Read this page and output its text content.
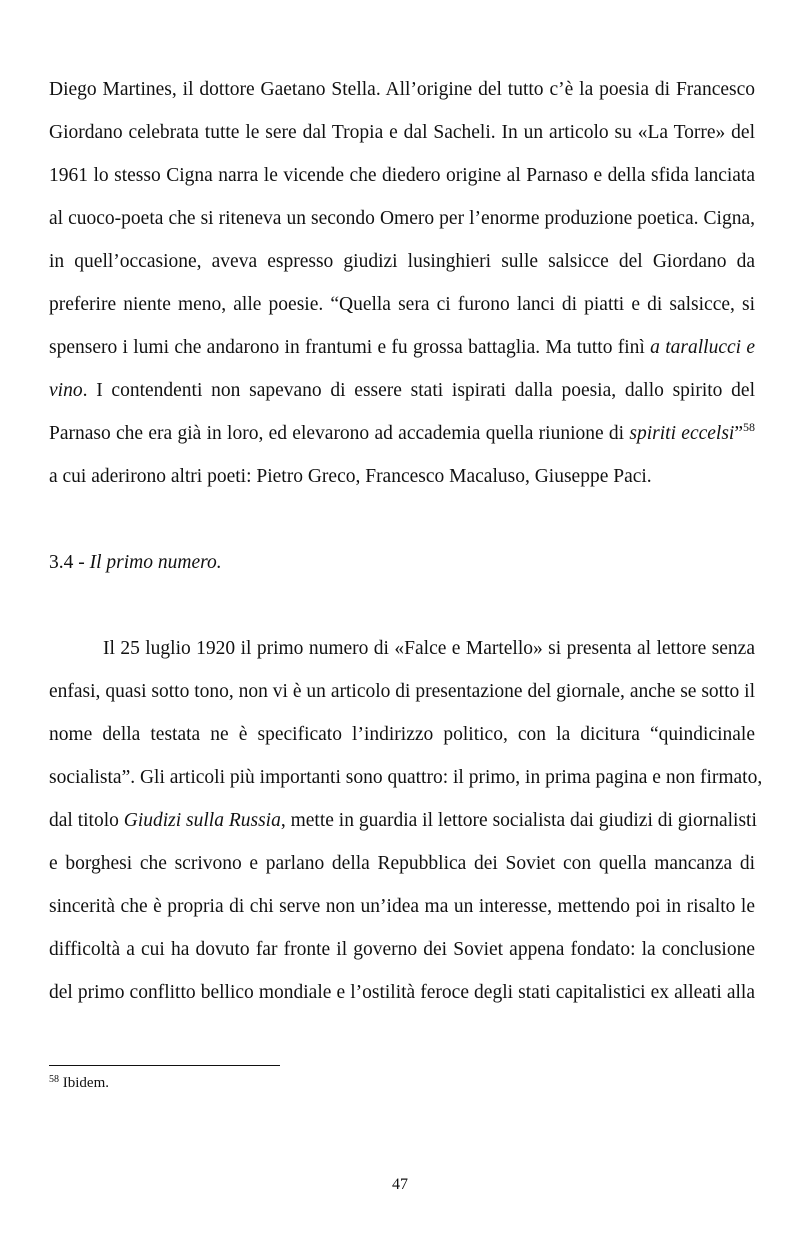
Diego Martines, il dottore Gaetano Stella. All’origine del tutto c’è la poesia di Francesco
Giordano celebrata tutte le sere dal Tropia e dal Sacheli. In un articolo su «La Torre» del
1961 lo stesso Cigna narra le vicende che diedero origine al Parnaso e della sfida lanciata
al cuoco-poeta che si riteneva un secondo Omero per l’enorme produzione poetica. Cigna,
in quell’occasione, aveva espresso giudizi lusinghieri sulle salsicce del Giordano da
preferire niente meno, alle poesie. “Quella sera ci furono lanci di piatti e di salsicce, si
spensero i lumi che andarono in frantumi e fu grossa battaglia. Ma tutto finì a tarallucci e
vino. I contendenti non sapevano di essere stati ispirati dalla poesia, dallo spirito del
Parnaso che era già in loro, ed elevarono ad accademia quella riunione di spiriti eccelsi”$^{58}$
a cui aderirono altri poeti: Pietro Greco, Francesco Macaluso, Giuseppe Paci.
3.4 - Il primo numero.
Il 25 luglio 1920 il primo numero di «Falce e Martello» si presenta al lettore senza
enfasi, quasi sotto tono, non vi è un articolo di presentazione del giornale, anche se sotto il
nome della testata ne è specificato l’indirizzo politico, con la dicitura “quindicinale
socialista”. Gli articoli più importanti sono quattro: il primo, in prima pagina e non firmato,
dal titolo Giudizi sulla Russia, mette in guardia il lettore socialista dai giudizi di giornalisti
e borghesi che scrivono e parlano della Repubblica dei Soviet con quella mancanza di
sincerità che è propria di chi serve non un’idea ma un interesse, mettendo poi in risalto le
difficoltà a cui ha dovuto far fronte il governo dei Soviet appena fondato: la conclusione
del primo conflitto bellico mondiale e l’ostilità feroce degli stati capitalistici ex alleati alla
$^{58}$ Ibidem.
47
